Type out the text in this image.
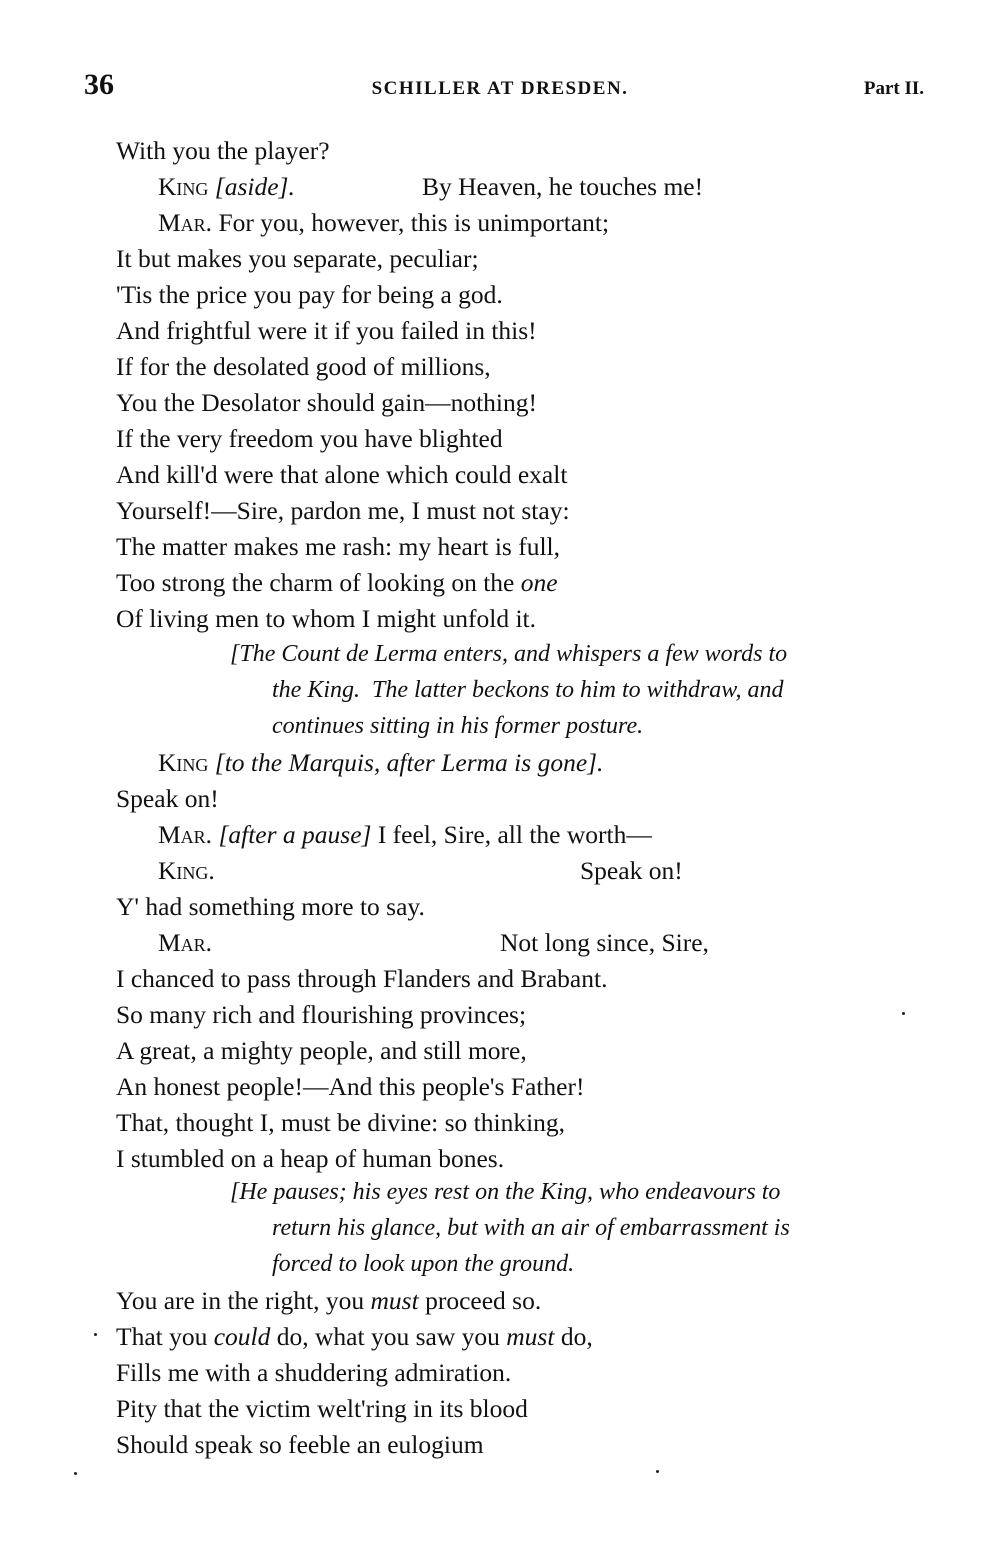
36	SCHILLER AT DRESDEN.	Part II.
With you the player?
King [aside].	By Heaven, he touches me!
Mar. For you, however, this is unimportant;
It but makes you separate, peculiar;
'Tis the price you pay for being a god.
And frightful were it if you failed in this!
If for the desolated good of millions,
You the Desolator should gain—nothing!
If the very freedom you have blighted
And kill'd were that alone which could exalt
Yourself!—Sire, pardon me, I must not stay:
The matter makes me rash: my heart is full,
Too strong the charm of looking on the one
Of living men to whom I might unfold it.
[The Count de Lerma enters, and whispers a few words to
the King.  The latter beckons to him to withdraw, and
continues sitting in his former posture.
King [to the Marquis, after Lerma is gone].
Speak on!
Mar. [after a pause] I feel, Sire, all the worth—
King.	Speak on!
Y' had something more to say.
Mar.	Not long since, Sire,
I chanced to pass through Flanders and Brabant.
So many rich and flourishing provinces;
A great, a mighty people, and still more,
An honest people!—And this people's Father!
That, thought I, must be divine: so thinking,
I stumbled on a heap of human bones.
[He pauses; his eyes rest on the King, who endeavours to
return his glance, but with an air of embarrassment is
forced to look upon the ground.
You are in the right, you must proceed so.
That you could do, what you saw you must do,
Fills me with a shuddering admiration.
Pity that the victim welt'ring in its blood
Should speak so feeble an eulogium
